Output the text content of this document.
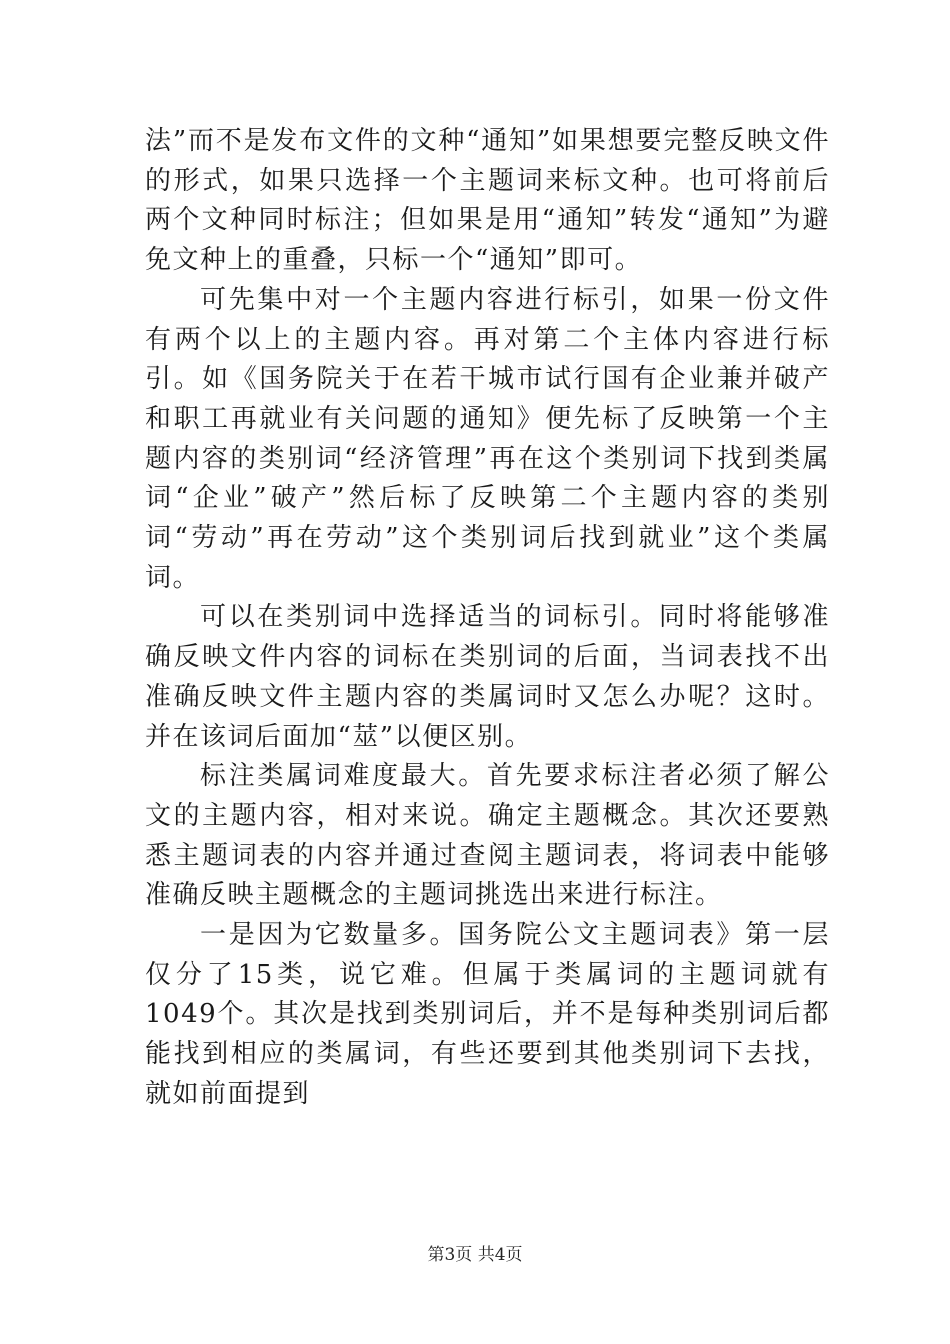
法”而不是发布文件的文种“通知”如果想要完整反映文件的形式，如果只选择一个主题词来标文种。也可将前后两个文种同时标注；但如果是用“通知”转发“通知”为避免文种上的重叠，只标一个“通知”即可。

可先集中对一个主题内容进行标引，如果一份文件有两个以上的主题内容。再对第二个主体内容进行标引。如《国务院关于在若干城市试行国有企业兼并破产和职工再就业有关问题的通知》便先标了反映第一个主题内容的类别词“经济管理”再在这个类别词下找到类属词“企业”破产”然后标了反映第二个主题内容的类别词“劳动”再在劳动”这个类别词后找到就业”这个类属词。

可以在类别词中选择适当的词标引。同时将能够准确反映文件内容的词标在类别词的后面，当词表找不出准确反映文件主题内容的类属词时又怎么办呢？这时。并在该词后面加“莁”以便区别。

标注类属词难度最大。首先要求标注者必须了解公文的主题内容，相对来说。确定主题概念。其次还要熟悉主题词表的内容并通过查阅主题词表，将词表中能够准确反映主题概念的主题词挑选出来进行标注。

一是因为它数量多。国务院公文主题词表》第一层仅分了15类，说它难。但属于类属词的主题词就有1049个。其次是找到类别词后，并不是每种类别词后都能找到相应的类属词，有些还要到其他类别词下去找，就如前面提到

第3页 共4页
